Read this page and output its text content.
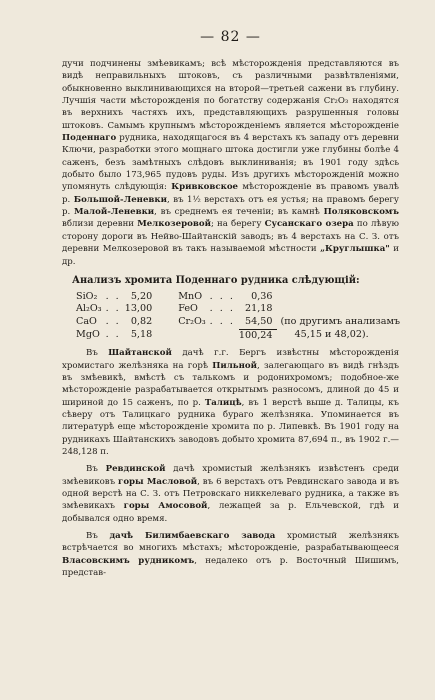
— 82 —

дучи подчинены змѣевикамъ; всѣ мѣсторожденія представляются въ видѣ неправильныхъ штоковъ, съ различными развѣтвленіями, обыкновенно выклинивающихся на второй—третьей сажени въ глубину. Лучшія части мѣсторожденія по богатству содержанія Cr₂O₃ находятся въ верхнихъ частяхъ ихъ, представляющихъ разрушенныя головы штоковъ. Самымъ крупнымъ мѣсторожденіемъ является мѣсторожденіе Поденнаго рудника, находящагося въ 4 верстахъ къ западу отъ деревни Ключи, разработки этого мощнаго штока достигли уже глубины болѣе 4 саженъ, безъ замѣтныхъ слѣдовъ выклиниванія; въ 1901 году здѣсь добыто было 173,965 пудовъ руды. Изъ другихъ мѣсторожденій можно упомянуть слѣдующія: Кривковское мѣсторожденіе въ правомъ увалѣ р. Большой-Леневки, въ 1½ верстахъ отъ ея устья; на правомъ берегу р. Малой-Леневки, въ среднемъ ея теченіи; въ камнѣ Поляковскомъ вблизи деревни Мелкозеровой; на берегу Сусанскаго озера по лѣвую сторону дороги въ Нейво-Шайтанскій заводъ; въ 4 верстахъ на С. З. отъ деревни Мелкозеровой въ такъ называемой мѣстности „Круглышка" и др.

Анализъ хромита Поденнаго рудника слѣдующій:
SiO₂	. .	5,20	MnO	. . .	0,36	
Al₂O₃	. .	13,00	FeO	. . .	21,18	
CaO	. .	0,82	Cr₂O₃	. . .	54,50	(по другимъ анализамъ
MgO	. .	5,18			100,24	45,15 и 48,02).

Въ Шайтанской дачѣ г.г. Бергъ извѣстны мѣсторожденія хромистаго желѣзняка на горѣ Пильной, залегающаго въ видѣ гнѣздъ въ змѣевикѣ, вмѣстѣ съ талькомъ и родонихромомъ; подобное-же мѣсторожденіе разрабатывается открытымъ разносомъ, длиной до 45 и шириной до 15 саженъ, по р. Талицѣ, въ 1 верстѣ выше д. Талицы, къ сѣверу отъ Талицкаго рудника бураго желѣзняка. Упоминается въ литературѣ еще мѣсторожденіе хромита по р. Липевкѣ. Въ 1901 году на рудникахъ Шайтанскихъ заводовъ добыто хромита 87,694 п., въ 1902 г.—248,128 п.

Въ Ревдинской дачѣ хромистый желѣзнякъ извѣстенъ среди змѣевиковъ горы Масловой, въ 6 верстахъ отъ Ревдинскаго завода и въ одной верстѣ на С. З. отъ Петровскаго никкелеваго рудника, а также въ змѣевикахъ горы Амосовой, лежащей за р. Ельчевской, гдѣ и добывался одно время.

Въ дачѣ Билимбаевскаго завода хромистый желѣзнякъ встрѣчается во многихъ мѣстахъ; мѣсторожденіе, разрабатывающееся Власовскимъ рудникомъ, недалеко отъ р. Восточный Шишимъ, представ-
